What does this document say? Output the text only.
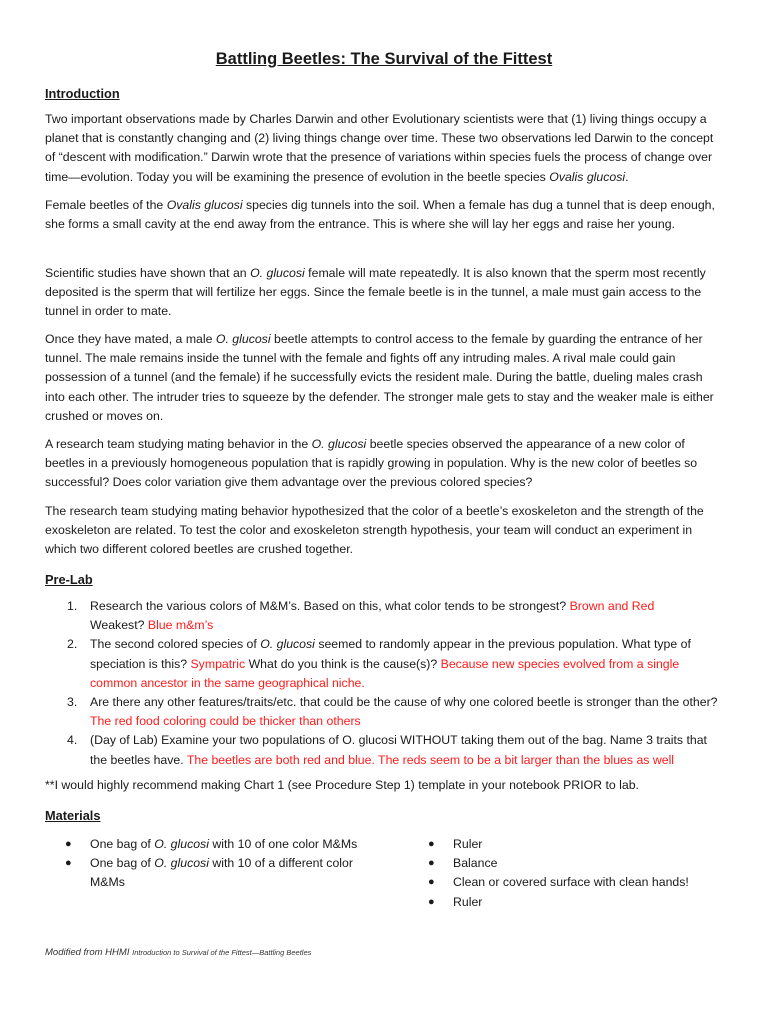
Battling Beetles: The Survival of the Fittest
Introduction

Two important observations made by Charles Darwin and other Evolutionary scientists were that (1) living things occupy a planet that is constantly changing and (2) living things change over time. These two observations led Darwin to the concept of “descent with modification.” Darwin wrote that the presence of variations within species fuels the process of change over time—evolution. Today you will be examining the presence of evolution in the beetle species Ovalis glucosi.

Female beetles of the Ovalis glucosi species dig tunnels into the soil. When a female has dug a tunnel that is deep enough, she forms a small cavity at the end away from the entrance. This is where she will lay her eggs and raise her young.

Scientific studies have shown that an O. glucosi female will mate repeatedly. It is also known that the sperm most recently deposited is the sperm that will fertilize her eggs. Since the female beetle is in the tunnel, a male must gain access to the tunnel in order to mate.

Once they have mated, a male O. glucosi beetle attempts to control access to the female by guarding the entrance of her tunnel. The male remains inside the tunnel with the female and fights off any intruding males. A rival male could gain possession of a tunnel (and the female) if he successfully evicts the resident male. During the battle, dueling males crash into each other. The intruder tries to squeeze by the defender. The stronger male gets to stay and the weaker male is either crushed or moves on.

A research team studying mating behavior in the O. glucosi beetle species observed the appearance of a new color of beetles in a previously homogeneous population that is rapidly growing in population. Why is the new color of beetles so successful? Does color variation give them advantage over the previous colored species?

The research team studying mating behavior hypothesized that the color of a beetle’s exoskeleton and the strength of the exoskeleton are related. To test the color and exoskeleton strength hypothesis, your team will conduct an experiment in which two different colored beetles are crushed together.

Pre-Lab
1. Research the various colors of M&M’s. Based on this, what color tends to be strongest? Brown and Red
Weakest? Blue m&m’s
2. The second colored species of O. glucosi seemed to randomly appear in the previous population. What type of speciation is this? Sympatric What do you think is the cause(s)? Because new species evolved from a single common ancestor in the same geographical niche.
3. Are there any other features/traits/etc. that could be the cause of why one colored beetle is stronger than the other? The red food coloring could be thicker than others
4. (Day of Lab) Examine your two populations of O. glucosi WITHOUT taking them out of the bag. Name 3 traits that the beetles have. The beetles are both red and blue. The reds seem to be a bit larger than the blues as well

**I would highly recommend making Chart 1 (see Procedure Step 1) template in your notebook PRIOR to lab.

Materials
● One bag of O. glucosi with 10 of one color M&Ms
● One bag of O. glucosi with 10 of a different color M&Ms
● Ruler
● Balance
● Clean or covered surface with clean hands!
● Ruler
Modified from HHMI Introduction to Survival of the Fittest—Battling Beetles
